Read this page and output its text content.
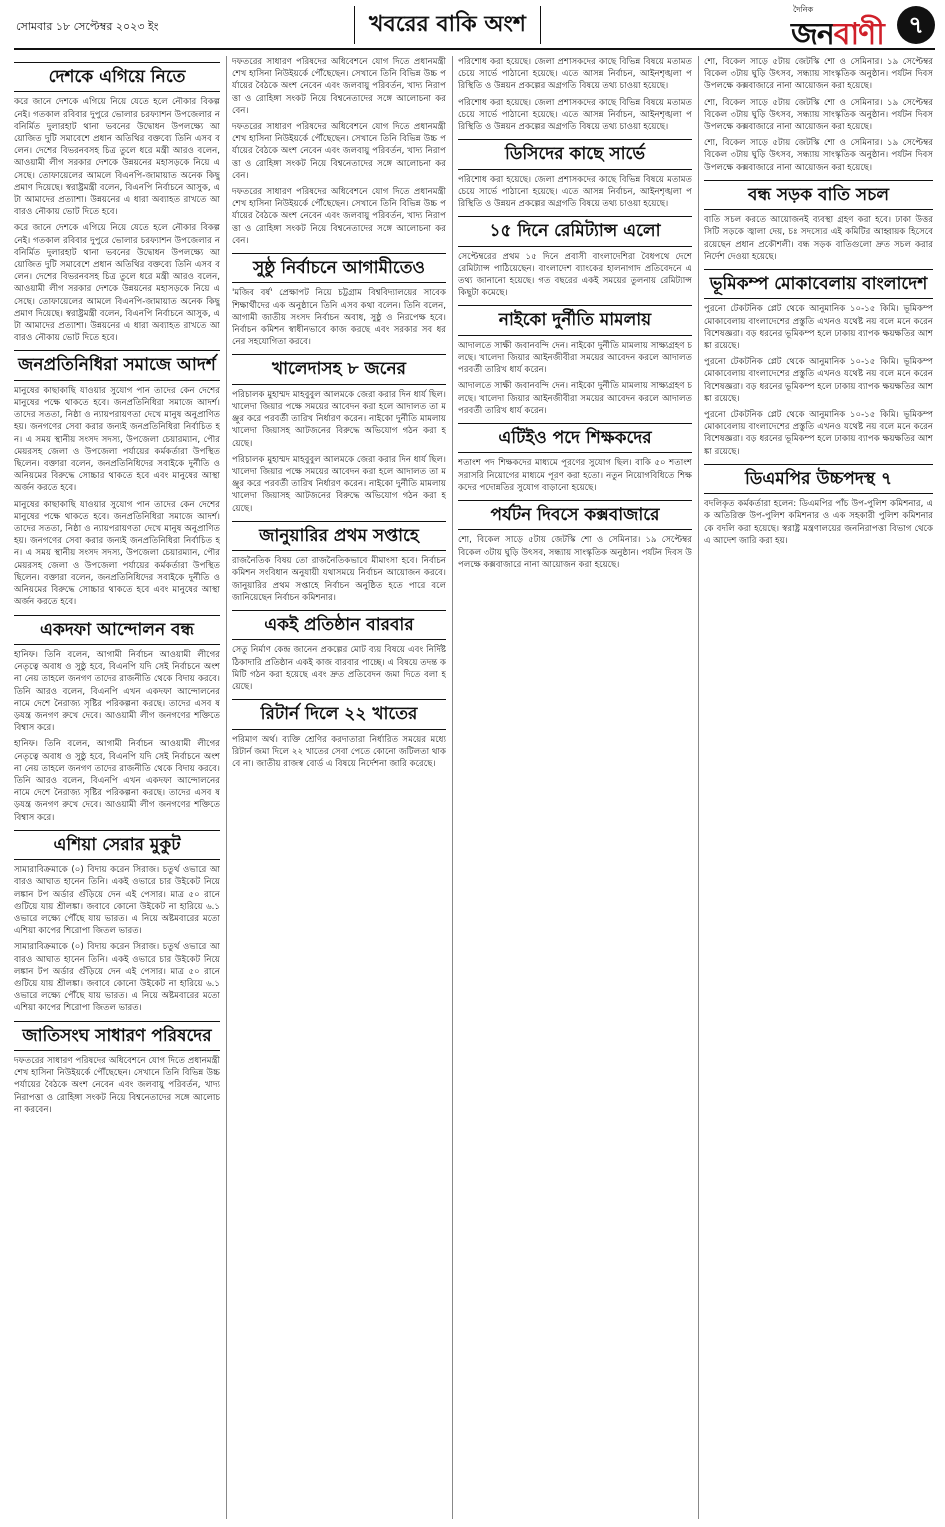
সোমবার ১৮ সেপ্টেম্বর ২০২৩ ইং	খবরের বাকি অংশ
দৈনিক
জনবাণী	৭
দেশকে এগিয়ে নিতে

করে জানে দেশকে এগিয়ে নিয়ে যেতে হলে নৌকার বিকল্প নেই। গতকাল রবিবার দুপুরে ভোলার চরফ্যাশন উপজেলার নবনির্মিত দুলারহাট থানা ভবনের উদ্বোধন উপলক্ষ্যে আয়োজিত দুটি সমাবেশে প্রধান অতিথির বক্তব্যে তিনি এসব বলেন। দেশের বিভরনবসহ চিত্র তুলে ধরে মন্ত্রী আরও বলেন, আওয়ামী লীগ সরকার দেশকে উন্নয়নের মহাসড়কে নিয়ে এসেছে। তোফায়েলের আমলে বিএনপি-জামায়াত অনেক কিছু প্রমাণ দিয়েছে। স্বরাষ্ট্রমন্ত্রী বলেন, বিএনপি নির্বাচনে আসুক, এটা আমাদের প্রত্যাশা। উন্নয়নের এ ধারা অব্যাহত রাখতে আবারও নৌকায় ভোট দিতে হবে।

করে জানে দেশকে এগিয়ে নিয়ে যেতে হলে নৌকার বিকল্প নেই। গতকাল রবিবার দুপুরে ভোলার চরফ্যাশন উপজেলার নবনির্মিত দুলারহাট থানা ভবনের উদ্বোধন উপলক্ষ্যে আয়োজিত দুটি সমাবেশে প্রধান অতিথির বক্তব্যে তিনি এসব বলেন। দেশের বিভরনবসহ চিত্র তুলে ধরে মন্ত্রী আরও বলেন, আওয়ামী লীগ সরকার দেশকে উন্নয়নের মহাসড়কে নিয়ে এসেছে। তোফায়েলের আমলে বিএনপি-জামায়াত অনেক কিছু প্রমাণ দিয়েছে। স্বরাষ্ট্রমন্ত্রী বলেন, বিএনপি নির্বাচনে আসুক, এটা আমাদের প্রত্যাশা। উন্নয়নের এ ধারা অব্যাহত রাখতে আবারও নৌকায় ভোট দিতে হবে।

জনপ্রতিনিধিরা সমাজে আদর্শ

মানুষের কাছাকাছি যাওয়ার সুযোগ পান তাদের কেন দেশের মানুষের পক্ষে থাকতে হবে। জনপ্রতিনিধিরা সমাজে আদর্শ। তাদের সততা, নিষ্ঠা ও ন্যায়পরায়ণতা দেখে মানুষ অনুপ্রাণিত হয়। জনগণের সেবা করার জন্যই জনপ্রতিনিধিরা নির্বাচিত হন। এ সময় স্থানীয় সংসদ সদস্য, উপজেলা চেয়ারম্যান, পৌর মেয়রসহ জেলা ও উপজেলা পর্যায়ের কর্মকর্তারা উপস্থিত ছিলেন। বক্তারা বলেন, জনপ্রতিনিধিদের সবাইকে দুর্নীতি ও অনিয়মের বিরুদ্ধে সোচ্চার থাকতে হবে এবং মানুষের আস্থা অর্জন করতে হবে।

মানুষের কাছাকাছি যাওয়ার সুযোগ পান তাদের কেন দেশের মানুষের পক্ষে থাকতে হবে। জনপ্রতিনিধিরা সমাজে আদর্শ। তাদের সততা, নিষ্ঠা ও ন্যায়পরায়ণতা দেখে মানুষ অনুপ্রাণিত হয়। জনগণের সেবা করার জন্যই জনপ্রতিনিধিরা নির্বাচিত হন। এ সময় স্থানীয় সংসদ সদস্য, উপজেলা চেয়ারম্যান, পৌর মেয়রসহ জেলা ও উপজেলা পর্যায়ের কর্মকর্তারা উপস্থিত ছিলেন। বক্তারা বলেন, জনপ্রতিনিধিদের সবাইকে দুর্নীতি ও অনিয়মের বিরুদ্ধে সোচ্চার থাকতে হবে এবং মানুষের আস্থা অর্জন করতে হবে।

একদফা আন্দোলন বন্ধ

হানিফ। তিনি বলেন, আগামী নির্বাচন আওয়ামী লীগের নেতৃত্বে অবাধ ও সুষ্ঠু হবে, বিএনপি যদি সেই নির্বাচনে অংশ না নেয় তাহলে জনগণ তাদের রাজনীতি থেকে বিদায় করবে। তিনি আরও বলেন, বিএনপি এখন একদফা আন্দোলনের নামে দেশে নৈরাজ্য সৃষ্টির পরিকল্পনা করছে। তাদের এসব ষড়যন্ত্র জনগণ রুখে দেবে। আওয়ামী লীগ জনগণের শক্তিতে বিশ্বাস করে।

হানিফ। তিনি বলেন, আগামী নির্বাচন আওয়ামী লীগের নেতৃত্বে অবাধ ও সুষ্ঠু হবে, বিএনপি যদি সেই নির্বাচনে অংশ না নেয় তাহলে জনগণ তাদের রাজনীতি থেকে বিদায় করবে। তিনি আরও বলেন, বিএনপি এখন একদফা আন্দোলনের নামে দেশে নৈরাজ্য সৃষ্টির পরিকল্পনা করছে। তাদের এসব ষড়যন্ত্র জনগণ রুখে দেবে। আওয়ামী লীগ জনগণের শক্তিতে বিশ্বাস করে।

এশিয়া সেরার মুকুট

সামারাবিক্রমাকে (০) বিদায় করেন সিরাজ। চতুর্থ ওভারে আবারও আঘাত হানেন তিনি। একই ওভারে চার উইকেট নিয়ে লঙ্কান টপ অর্ডার গুঁড়িয়ে দেন এই পেসার। মাত্র ৫০ রানে গুটিয়ে যায় শ্রীলঙ্কা। জবাবে কোনো উইকেট না হারিয়ে ৬.১ ওভারে লক্ষ্যে পৌঁছে যায় ভারত। এ নিয়ে অষ্টমবারের মতো এশিয়া কাপের শিরোপা জিতল ভারত।

সামারাবিক্রমাকে (০) বিদায় করেন সিরাজ। চতুর্থ ওভারে আবারও আঘাত হানেন তিনি। একই ওভারে চার উইকেট নিয়ে লঙ্কান টপ অর্ডার গুঁড়িয়ে দেন এই পেসার। মাত্র ৫০ রানে গুটিয়ে যায় শ্রীলঙ্কা। জবাবে কোনো উইকেট না হারিয়ে ৬.১ ওভারে লক্ষ্যে পৌঁছে যায় ভারত। এ নিয়ে অষ্টমবারের মতো এশিয়া কাপের শিরোপা জিতল ভারত।

জাতিসংঘ সাধারণ পরিষদের

দফতরের সাধারণ পরিষদের অধিবেশনে যোগ দিতে প্রধানমন্ত্রী শেখ হাসিনা নিউইয়র্কে পৌঁছেছেন। সেখানে তিনি বিভিন্ন উচ্চ পর্যায়ের বৈঠকে অংশ নেবেন এবং জলবায়ু পরিবর্তন, খাদ্য নিরাপত্তা ও রোহিঙ্গা সংকট নিয়ে বিশ্বনেতাদের সঙ্গে আলোচনা করবেন।

দফতরের সাধারণ পরিষদের অধিবেশনে যোগ দিতে প্রধানমন্ত্রী শেখ হাসিনা নিউইয়র্কে পৌঁছেছেন। সেখানে তিনি বিভিন্ন উচ্চ পর্যায়ের বৈঠকে অংশ নেবেন এবং জলবায়ু পরিবর্তন, খাদ্য নিরাপত্তা ও রোহিঙ্গা সংকট নিয়ে বিশ্বনেতাদের সঙ্গে আলোচনা করবেন।

দফতরের সাধারণ পরিষদের অধিবেশনে যোগ দিতে প্রধানমন্ত্রী শেখ হাসিনা নিউইয়র্কে পৌঁছেছেন। সেখানে তিনি বিভিন্ন উচ্চ পর্যায়ের বৈঠকে অংশ নেবেন এবং জলবায়ু পরিবর্তন, খাদ্য নিরাপত্তা ও রোহিঙ্গা সংকট নিয়ে বিশ্বনেতাদের সঙ্গে আলোচনা করবেন।

দফতরের সাধারণ পরিষদের অধিবেশনে যোগ দিতে প্রধানমন্ত্রী শেখ হাসিনা নিউইয়র্কে পৌঁছেছেন। সেখানে তিনি বিভিন্ন উচ্চ পর্যায়ের বৈঠকে অংশ নেবেন এবং জলবায়ু পরিবর্তন, খাদ্য নিরাপত্তা ও রোহিঙ্গা সংকট নিয়ে বিশ্বনেতাদের সঙ্গে আলোচনা করবেন।

সুষ্ঠু নির্বাচনে আগামীতেও

'মজিব বর্ষ' প্রেক্ষাপট নিয়ে চট্টগ্রাম বিশ্ববিদ্যালয়ের সাবেক শিক্ষার্থীদের এক অনুষ্ঠানে তিনি এসব কথা বলেন। তিনি বলেন, আগামী জাতীয় সংসদ নির্বাচন অবাধ, সুষ্ঠু ও নিরপেক্ষ হবে। নির্বাচন কমিশন স্বাধীনভাবে কাজ করছে এবং সরকার সব ধরনের সহযোগিতা করবে।

খালেদাসহ ৮ জনের

পরিচালক মুহাম্মদ মাহবুবুল আলমকে জেরা করার দিন ধার্য ছিল। খালেদা জিয়ার পক্ষে সময়ের আবেদন করা হলে আদালত তা মঞ্জুর করে পরবর্তী তারিখ নির্ধারণ করেন। নাইকো দুর্নীতি মামলায় খালেদা জিয়াসহ আটজনের বিরুদ্ধে অভিযোগ গঠন করা হয়েছে।

পরিচালক মুহাম্মদ মাহবুবুল আলমকে জেরা করার দিন ধার্য ছিল। খালেদা জিয়ার পক্ষে সময়ের আবেদন করা হলে আদালত তা মঞ্জুর করে পরবর্তী তারিখ নির্ধারণ করেন। নাইকো দুর্নীতি মামলায় খালেদা জিয়াসহ আটজনের বিরুদ্ধে অভিযোগ গঠন করা হয়েছে।

জানুয়ারির প্রথম সপ্তাহে

রাজনৈতিক বিষয় তো রাজনৈতিকভাবে মীমাংসা হবে। নির্বাচন কমিশন সংবিধান অনুযায়ী যথাসময়ে নির্বাচন আয়োজন করবে। জানুয়ারির প্রথম সপ্তাহে নির্বাচন অনুষ্ঠিত হতে পারে বলে জানিয়েছেন নির্বাচন কমিশনার।

একই প্রতিষ্ঠান বারবার

সেতু নির্মাণ কেন্দ্র জানেন প্রকল্পের মোট ব্যয় বিষয়ে এবং নির্দিষ্ট ঠিকাদারি প্রতিষ্ঠান একই কাজ বারবার পাচ্ছে। এ বিষয়ে তদন্ত কমিটি গঠন করা হয়েছে এবং দ্রুত প্রতিবেদন জমা দিতে বলা হয়েছে।

রিটার্ন দিলে ২২ খাতের

পরিমাণ অর্থ। ব্যক্তি শ্রেণির করদাতারা নির্ধারিত সময়ের মধ্যে রিটার্ন জমা দিলে ২২ খাতের সেবা পেতে কোনো জটিলতা থাকবে না। জাতীয় রাজস্ব বোর্ড এ বিষয়ে নির্দেশনা জারি করেছে।

পরিশোধ করা হয়েছে। জেলা প্রশাসকদের কাছে বিভিন্ন বিষয়ে মতামত চেয়ে সার্ভে পাঠানো হয়েছে। এতে আসন্ন নির্বাচন, আইনশৃঙ্খলা পরিস্থিতি ও উন্নয়ন প্রকল্পের অগ্রগতি বিষয়ে তথ্য চাওয়া হয়েছে।

পরিশোধ করা হয়েছে। জেলা প্রশাসকদের কাছে বিভিন্ন বিষয়ে মতামত চেয়ে সার্ভে পাঠানো হয়েছে। এতে আসন্ন নির্বাচন, আইনশৃঙ্খলা পরিস্থিতি ও উন্নয়ন প্রকল্পের অগ্রগতি বিষয়ে তথ্য চাওয়া হয়েছে।

ডিসিদের কাছে সার্ভে

পরিশোধ করা হয়েছে। জেলা প্রশাসকদের কাছে বিভিন্ন বিষয়ে মতামত চেয়ে সার্ভে পাঠানো হয়েছে। এতে আসন্ন নির্বাচন, আইনশৃঙ্খলা পরিস্থিতি ও উন্নয়ন প্রকল্পের অগ্রগতি বিষয়ে তথ্য চাওয়া হয়েছে।

১৫ দিনে রেমিট্যান্স এলো

সেপ্টেম্বরের প্রথম ১৫ দিনে প্রবাসী বাংলাদেশিরা বৈধপথে দেশে রেমিট্যান্স পাঠিয়েছেন। বাংলাদেশ ব্যাংকের হালনাগাদ প্রতিবেদনে এ তথ্য জানানো হয়েছে। গত বছরের একই সময়ের তুলনায় রেমিট্যান্স কিছুটা কমেছে।

নাইকো দুর্নীতি মামলায়

আদালতে সাক্ষী জবানবন্দি দেন। নাইকো দুর্নীতি মামলায় সাক্ষ্যগ্রহণ চলছে। খালেদা জিয়ার আইনজীবীরা সময়ের আবেদন করলে আদালত পরবর্তী তারিখ ধার্য করেন।

আদালতে সাক্ষী জবানবন্দি দেন। নাইকো দুর্নীতি মামলায় সাক্ষ্যগ্রহণ চলছে। খালেদা জিয়ার আইনজীবীরা সময়ের আবেদন করলে আদালত পরবর্তী তারিখ ধার্য করেন।

এটিইও পদে শিক্ষকদের

শতাংশ পদ শিক্ষকদের মাধ্যমে পূরণের সুযোগ ছিল। বাকি ৫০ শতাংশ সরাসরি নিয়োগের মাধ্যমে পূরণ করা হতো। নতুন নিয়োগবিধিতে শিক্ষকদের পদোন্নতির সুযোগ বাড়ানো হয়েছে।

পর্যটন দিবসে কক্সবাজারে

শো, বিকেল সাড়ে ৫টায় জেটস্কি শো ও সেমিনার। ১৯ সেপ্টেম্বর বিকেল ৩টায় ঘুড়ি উৎসব, সন্ধ্যায় সাংস্কৃতিক অনুষ্ঠান। পর্যটন দিবস উপলক্ষে কক্সবাজারে নানা আয়োজন করা হয়েছে।

শো, বিকেল সাড়ে ৫টায় জেটস্কি শো ও সেমিনার। ১৯ সেপ্টেম্বর বিকেল ৩টায় ঘুড়ি উৎসব, সন্ধ্যায় সাংস্কৃতিক অনুষ্ঠান। পর্যটন দিবস উপলক্ষে কক্সবাজারে নানা আয়োজন করা হয়েছে।

শো, বিকেল সাড়ে ৫টায় জেটস্কি শো ও সেমিনার। ১৯ সেপ্টেম্বর বিকেল ৩টায় ঘুড়ি উৎসব, সন্ধ্যায় সাংস্কৃতিক অনুষ্ঠান। পর্যটন দিবস উপলক্ষে কক্সবাজারে নানা আয়োজন করা হয়েছে।

শো, বিকেল সাড়ে ৫টায় জেটস্কি শো ও সেমিনার। ১৯ সেপ্টেম্বর বিকেল ৩টায় ঘুড়ি উৎসব, সন্ধ্যায় সাংস্কৃতিক অনুষ্ঠান। পর্যটন দিবস উপলক্ষে কক্সবাজারে নানা আয়োজন করা হয়েছে।

বন্ধ সড়ক বাতি সচল

বাতি সচল করতে আয়োজনই ব্যবস্থা গ্রহণ করা হবে। ঢাকা উত্তর সিটি সড়কে জ্বালা দেয়, চঃ সদস্যের এই কমিটির আহ্বায়ক হিসেবে রয়েছেন প্রধান প্রকৌশলী। বন্ধ সড়ক বাতিগুলো দ্রুত সচল করার নির্দেশ দেওয়া হয়েছে।

ভূমিকম্প মোকাবেলায় বাংলাদেশ

পুরনো টেকটনিক প্লেট থেকে আনুমানিক ১০-১৫ কিমি। ভূমিকম্প মোকাবেলায় বাংলাদেশের প্রস্তুতি এখনও যথেষ্ট নয় বলে মনে করেন বিশেষজ্ঞরা। বড় ধরনের ভূমিকম্প হলে ঢাকায় ব্যাপক ক্ষয়ক্ষতির আশঙ্কা রয়েছে।

পুরনো টেকটনিক প্লেট থেকে আনুমানিক ১০-১৫ কিমি। ভূমিকম্প মোকাবেলায় বাংলাদেশের প্রস্তুতি এখনও যথেষ্ট নয় বলে মনে করেন বিশেষজ্ঞরা। বড় ধরনের ভূমিকম্প হলে ঢাকায় ব্যাপক ক্ষয়ক্ষতির আশঙ্কা রয়েছে।

পুরনো টেকটনিক প্লেট থেকে আনুমানিক ১০-১৫ কিমি। ভূমিকম্প মোকাবেলায় বাংলাদেশের প্রস্তুতি এখনও যথেষ্ট নয় বলে মনে করেন বিশেষজ্ঞরা। বড় ধরনের ভূমিকম্প হলে ঢাকায় ব্যাপক ক্ষয়ক্ষতির আশঙ্কা রয়েছে।

ডিএমপির উচ্চপদস্থ ৭

বদলিকৃত কর্মকর্তারা হলেন: ডিএমপির পাঁচ উপ-পুলিশ কমিশনার, এক অতিরিক্ত উপ-পুলিশ কমিশনার ও এক সহকারী পুলিশ কমিশনারকে বদলি করা হয়েছে। স্বরাষ্ট্র মন্ত্রণালয়ের জননিরাপত্তা বিভাগ থেকে এ আদেশ জারি করা হয়।
